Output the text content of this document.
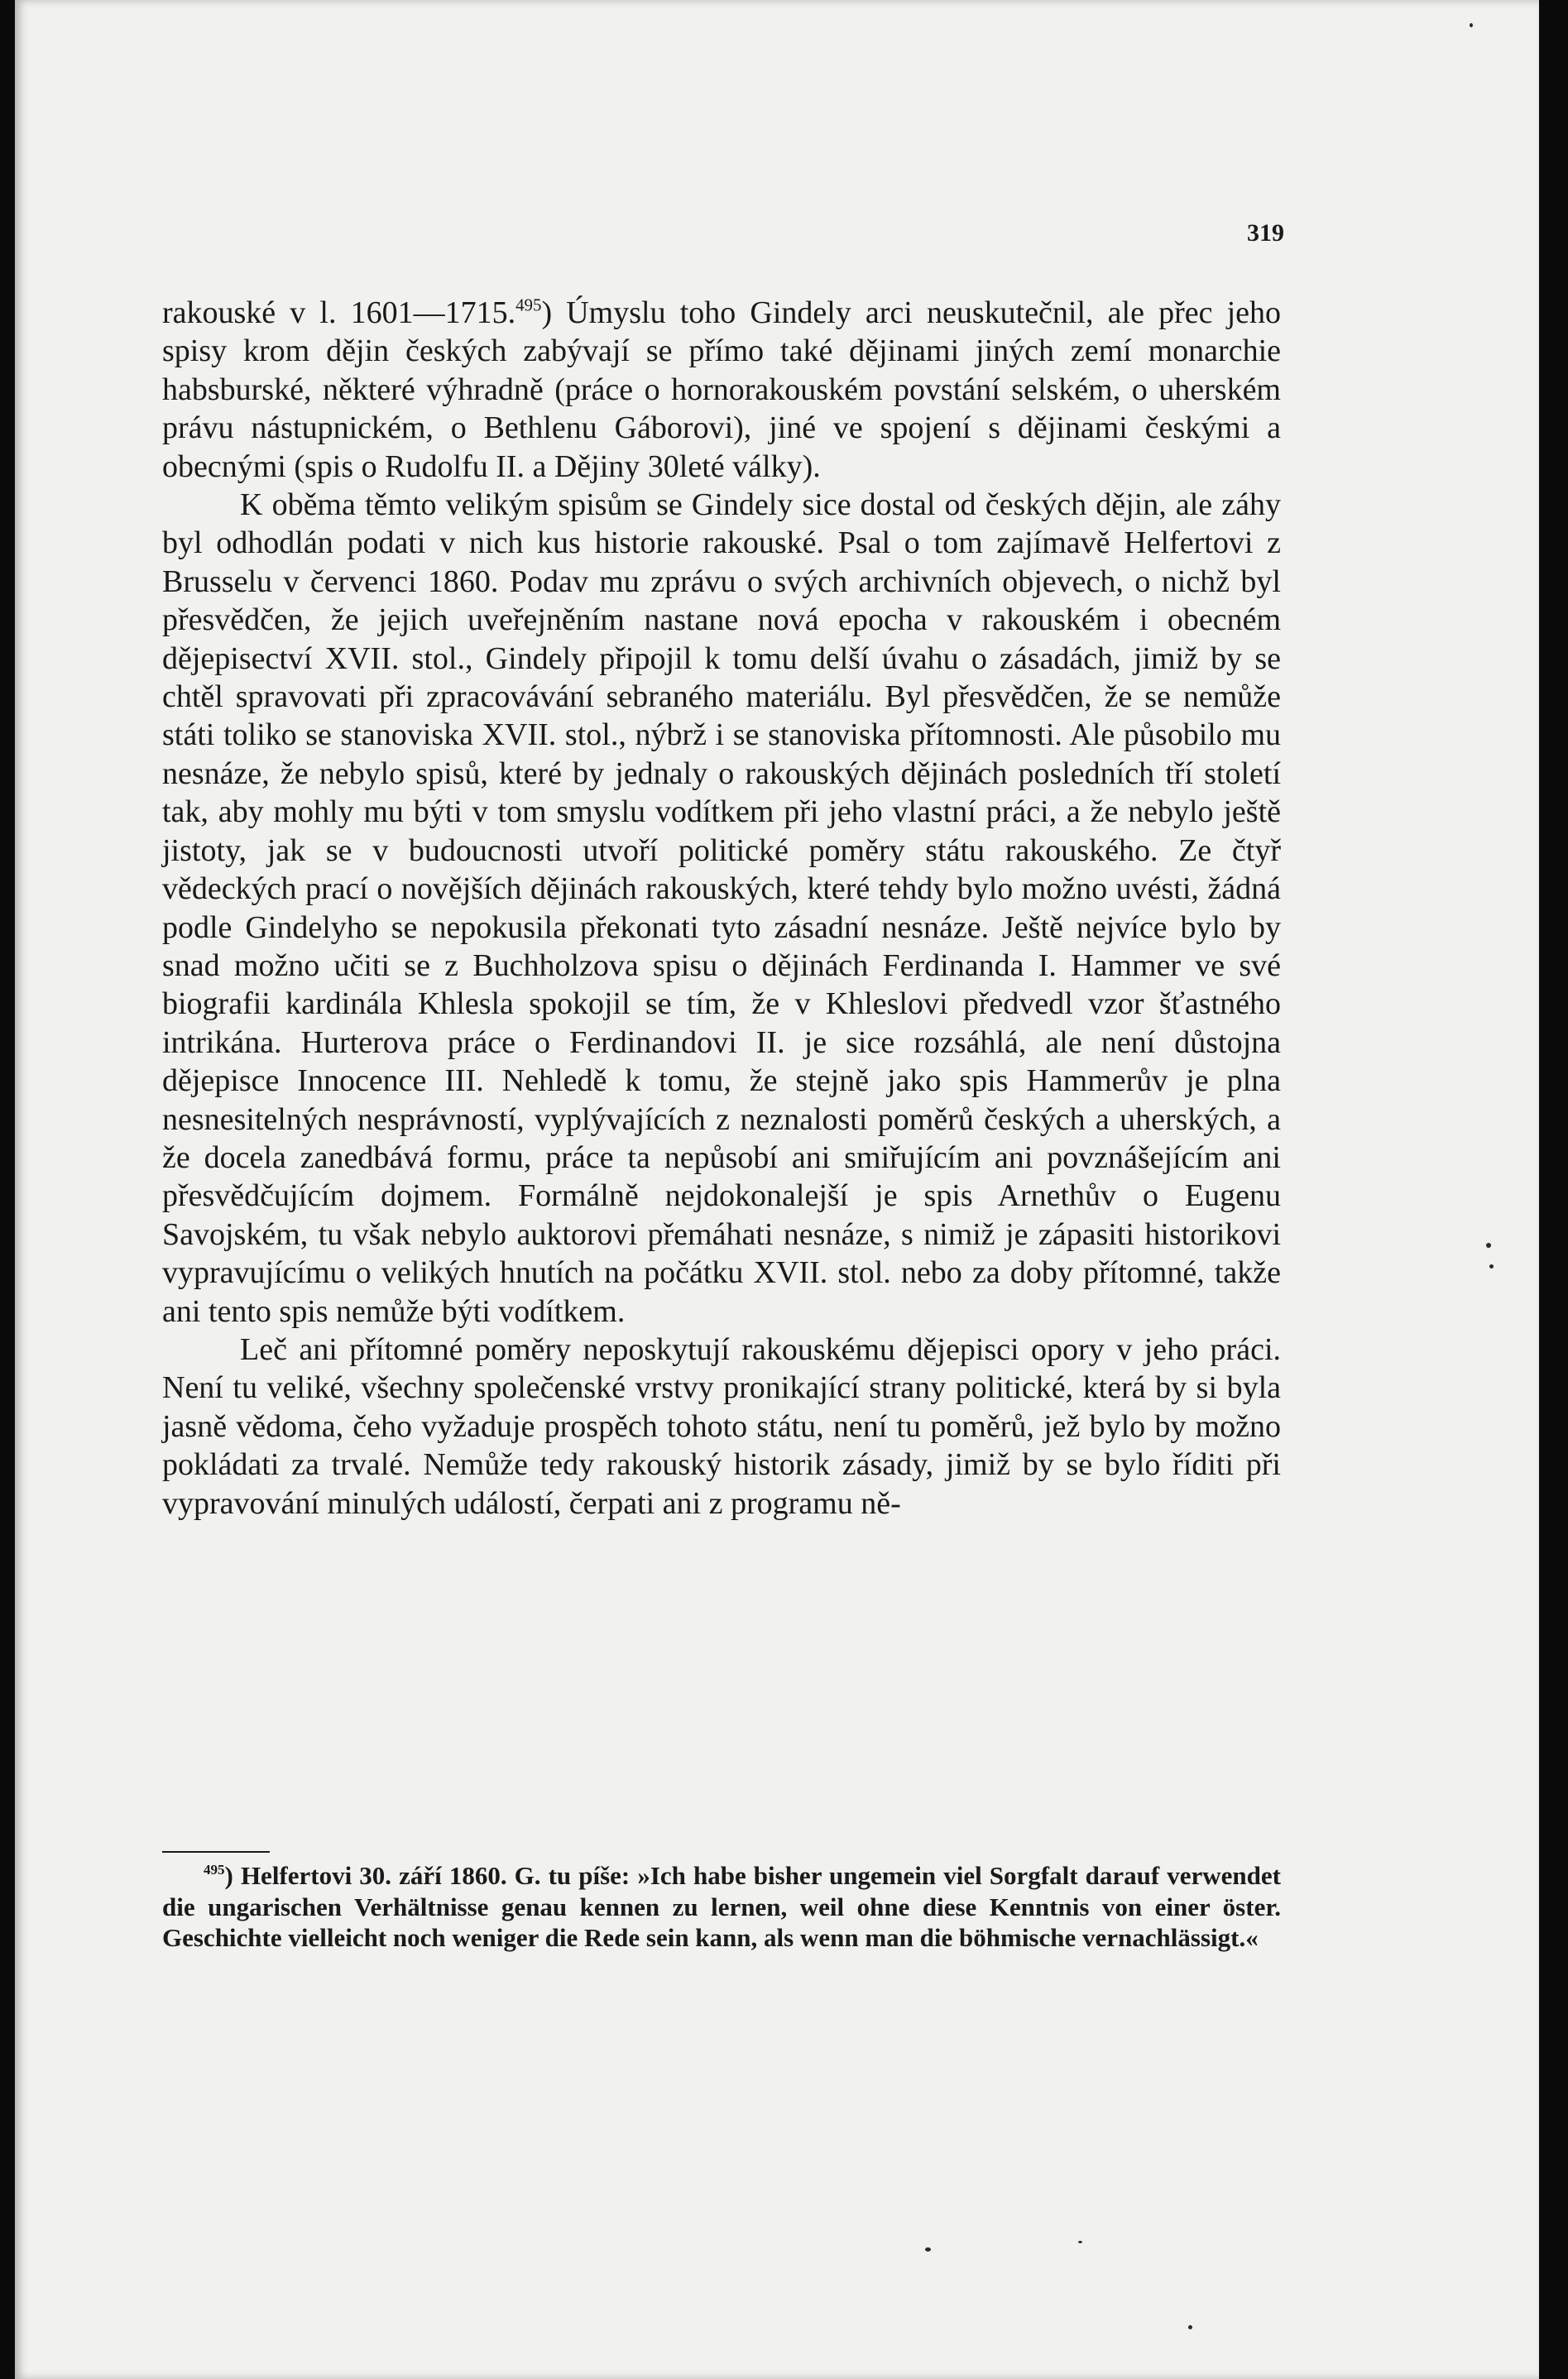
319

rakouské v l. 1601—1715.$^{495}$) Úmyslu toho Gindely arci neuskutečnil, ale přec jeho spisy krom dějin českých zabývají se přímo také dějinami jiných zemí monarchie habsburské, některé výhradně (práce o hornorakouském povstání selském, o uherském právu nástupnickém, o Bethlenu Gáborovi), jiné ve spojení s dějinami českými a obecnými (spis o Rudolfu II. a Dějiny 30leté války).

K oběma těmto velikým spisům se Gindely sice dostal od českých dějin, ale záhy byl odhodlán podati v nich kus historie rakouské. Psal o tom zajímavě Helfertovi z Brusselu v červenci 1860. Podav mu zprávu o svých archivních objevech, o nichž byl přesvědčen, že jejich uveřejněním nastane nová epocha v rakouském i obecném dějepisectví XVII. stol., Gindely připojil k tomu delší úvahu o zásadách, jimiž by se chtěl spravovati při zpracovávání sebraného materiálu. Byl přesvědčen, že se nemůže státi toliko se stanoviska XVII. stol., nýbrž i se stanoviska přítomnosti. Ale působilo mu nesnáze, že nebylo spisů, které by jednaly o rakouských dějinách posledních tří století tak, aby mohly mu býti v tom smyslu vodítkem při jeho vlastní práci, a že nebylo ještě jistoty, jak se v budoucnosti utvoří politické poměry státu rakouského. Ze čtyř vědeckých prací o novějších dějinách rakouských, které tehdy bylo možno uvésti, žádná podle Gindelyho se nepokusila překonati tyto zásadní nesnáze. Ještě nejvíce bylo by snad možno učiti se z Buchholzova spisu o dějinách Ferdinanda I. Hammer ve své biografii kardinála Khlesla spokojil se tím, že v Khleslovi předvedl vzor šťastného intrikána. Hurterova práce o Ferdinandovi II. je sice rozsáhlá, ale není důstojna dějepisce Innocence III. Nehledě k tomu, že stejně jako spis Hammerův je plna nesnesitelných nesprávností, vyplývajících z neznalosti poměrů českých a uherských, a že docela zanedbává formu, práce ta nepůsobí ani smiřujícím ani povznášejícím ani přesvědčujícím dojmem. Formálně nejdokonalejší je spis Arnethův o Eugenu Savojském, tu však nebylo auktorovi přemáhati nesnáze, s nimiž je zápasiti historikovi vypravujícímu o velikých hnutích na počátku XVII. stol. nebo za doby přítomné, takže ani tento spis nemůže býti vodítkem.

Leč ani přítomné poměry neposkytují rakouskému dějepisci opory v jeho práci. Není tu veliké, všechny společenské vrstvy pronikající strany politické, která by si byla jasně vědoma, čeho vyžaduje prospěch tohoto státu, není tu poměrů, jež bylo by možno pokládati za trvalé. Nemůže tedy rakouský historik zásady, jimiž by se bylo říditi při vypravování minulých událostí, čerpati ani z programu ně-

$^{495}$) Helfertovi 30. září 1860. G. tu píše: »Ich habe bisher ungemein viel Sorgfalt darauf verwendet die ungarischen Verhältnisse genau kennen zu lernen, weil ohne diese Kenntnis von einer öster. Geschichte vielleicht noch weniger die Rede sein kann, als wenn man die böhmische vernachlässigt.«
